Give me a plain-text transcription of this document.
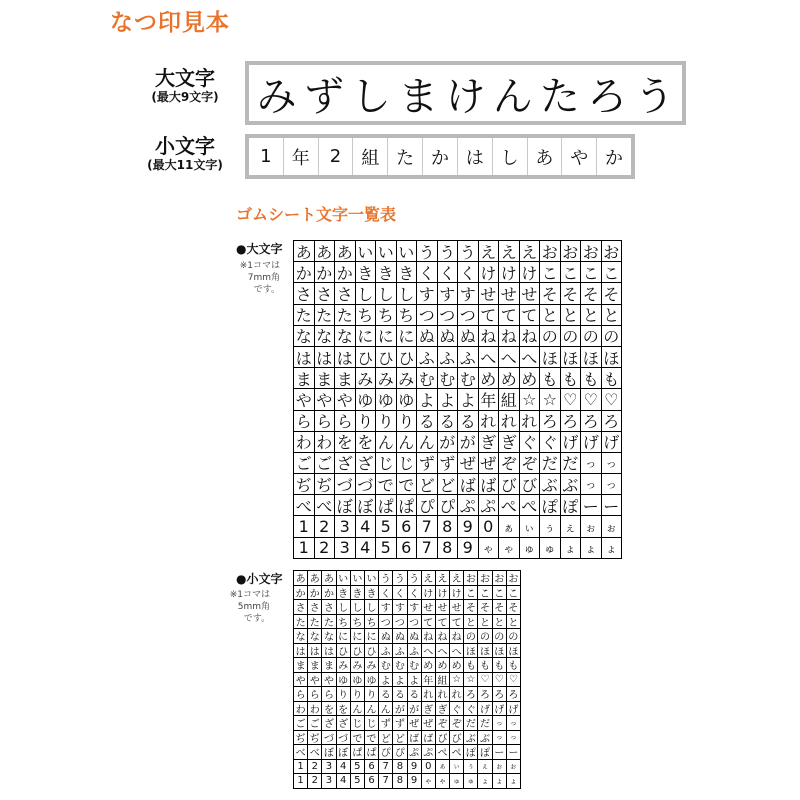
なつ印見本
大文字
(最大9文字) み ず し ま け ん た ろ う
小文字
(最大11文字)	1	年	2	組 た か は し あ や か
ゴムシート文字一覧表
●大文字
※1コマは
7mm角
です。
あ あ あ い い い う う う え え え お お お お
か か か き き き く く く け け け こ こ こ こ
さ さ さ し し し す す す せ せ せ そ そ そ そ
た た た ち ち ち つ つ つ て て て と と と と
な な な に に に ぬ ぬ ぬ ね ね ね の の の の
は は は ひ ひ ひ ふ ふ ふ へ へ へ ほ ほ ほ ほ
ま ま ま み み み む む む め め め も も も も
や や や ゆ ゆ ゆ よ よ よ 年 組 ☆ ☆ ♡ ♡ ♡
ら ら ら り り り る る る れ れ れ ろ ろ ろ ろ
わ わ を を ん ん ん が が ぎ ぎ ぐ ぐ げ げ げ
ご ご ざ ざ じ じ ず ず ぜ ぜ ぞ ぞ だ だ っ っ
ぢ ぢ づ づ で で ど ど ば ば び び ぶ ぶ っ っ
べ べ ぼ ぼ ぱ ぱ ぴ ぴ ぷ ぷ ぺ ぺ ぽ ぽ ー ー
1 2 3 4 5 6 7 8 9 0 ぁ ぃ ぅ ぇ ぉ ぉ
1 2 3 4 5 6 7 8 9 ゃ ゃ ゅ ゅ ょ ょ ょ
●小文字
※1コマは
5mm角
です。
あ あ あ い い い う う う え え え お お お お
か か か き き き く く く け け け こ こ こ こ
さ さ さ し し し す す す せ せ せ そ そ そ そ
た た た ち ち ち つ つ つ て て て と と と と
な な な に に に ぬ ぬ ぬ ね ね ね の の の の
は は は ひ ひ ひ ふ ふ ふ へ へ へ ほ ほ ほ ほ
ま ま ま み み み む む む め め め も も も も
や や や ゆ ゆ ゆ よ よ よ 年 組 ☆ ☆ ♡ ♡ ♡
ら ら ら り り り る る る れ れ れ ろ ろ ろ ろ
わ わ を を ん ん ん が が ぎ ぎ ぐ ぐ げ げ げ
ご ご ざ ざ じ じ ず ず ぜ ぜ ぞ ぞ だ だ っ	っ
ぢ ぢ づ づ で で ど ど ば ば び び ぶ ぶ っ	っ
べ べ ぼ ぼ ぱ ぱ ぴ ぴ ぷ ぷ ぺ ぺ ぽ ぽ ー ー
1 2 3 4 5 6 7 8 9 0	ぁ	ぃ	ぅ	ぇ	ぉ	ぉ
1 2 3 4 5 6 7 8 9	ゃ	ゃ	ゅ	ゅ	ょ	ょ	ょ
